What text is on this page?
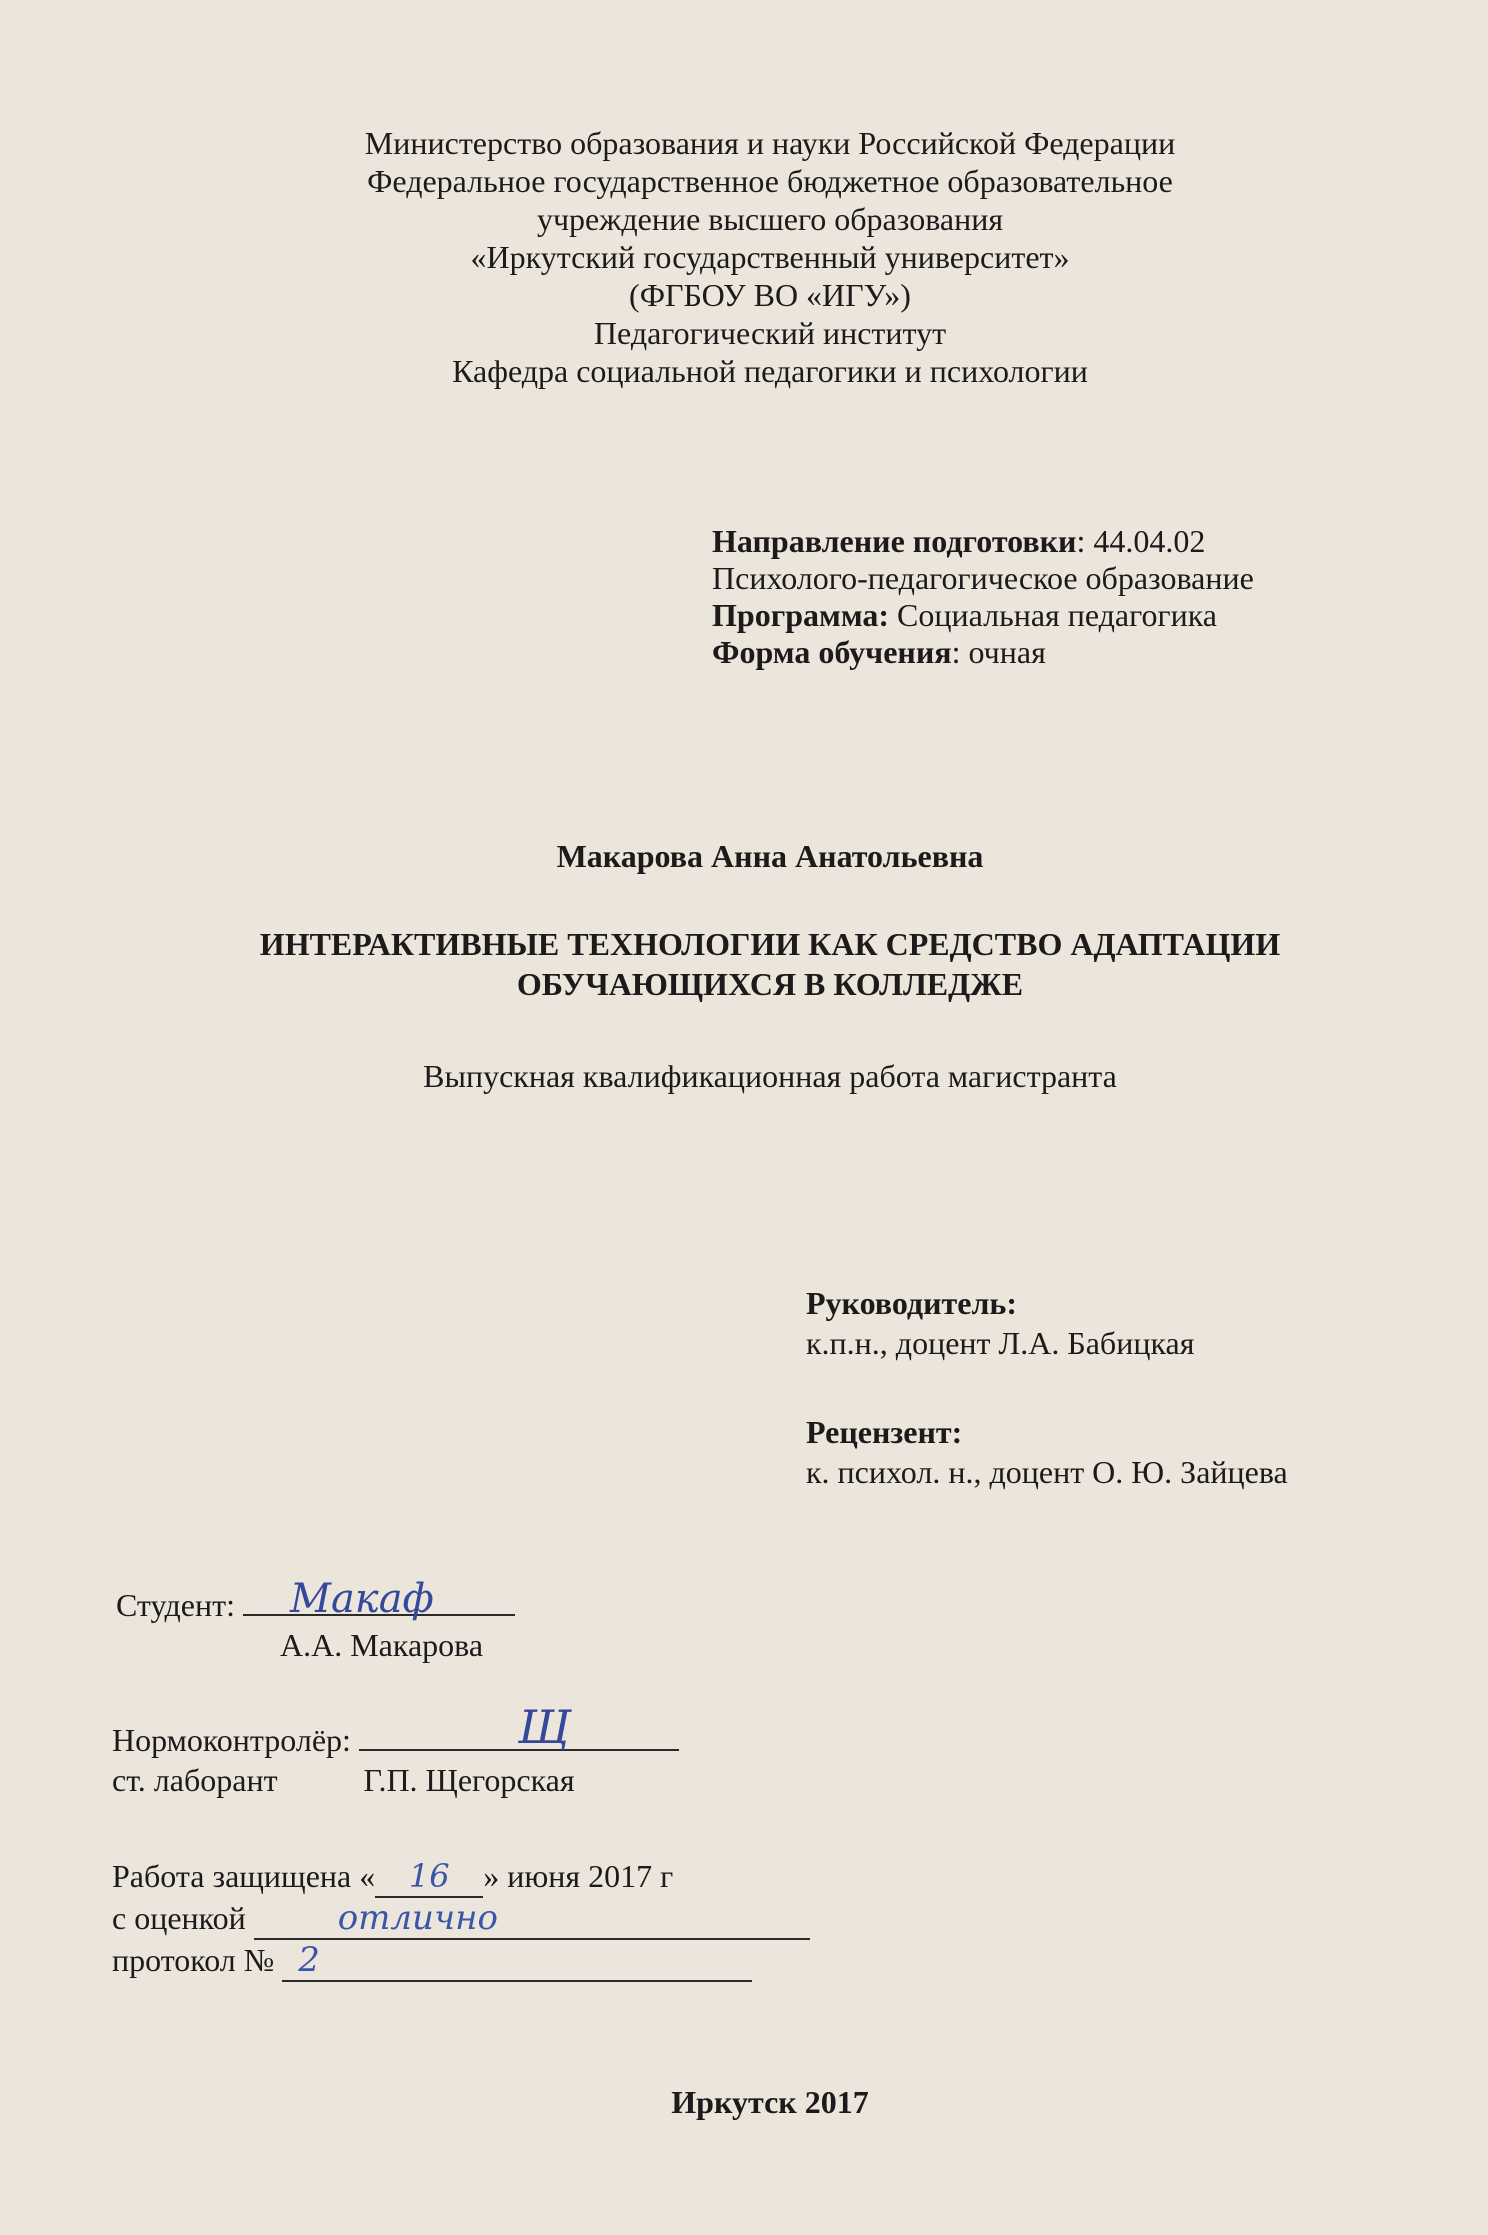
Министерство образования и науки Российской Федерации
Федеральное государственное бюджетное образовательное
учреждение высшего образования
«Иркутский государственный университет»
(ФГБОУ ВО «ИГУ»)
Педагогический институт
Кафедра социальной педагогики и психологии
Направление подготовки: 44.04.02
Психолого-педагогическое образование
Программа: Социальная педагогика
Форма обучения: очная
Макарова Анна Анатольевна
ИНТЕРАКТИВНЫЕ ТЕХНОЛОГИИ КАК СРЕДСТВО АДАПТАЦИИ
ОБУЧАЮЩИХСЯ В КОЛЛЕДЖЕ
Выпускная квалификационная работа магистранта
Руководитель:
к.п.н., доцент Л.А. Бабицкая
Рецензент:
к. психол. н., доцент О. Ю. Зайцева
Студент:
А.А. Макарова
Макаф
Нормоконтролёр:
ст. лаборант	Г.П. Щегорская
Щ
Работа защищена « 16 » июня 2017 г
с оценкой	отлично
протокол № 2
Иркутск 2017
